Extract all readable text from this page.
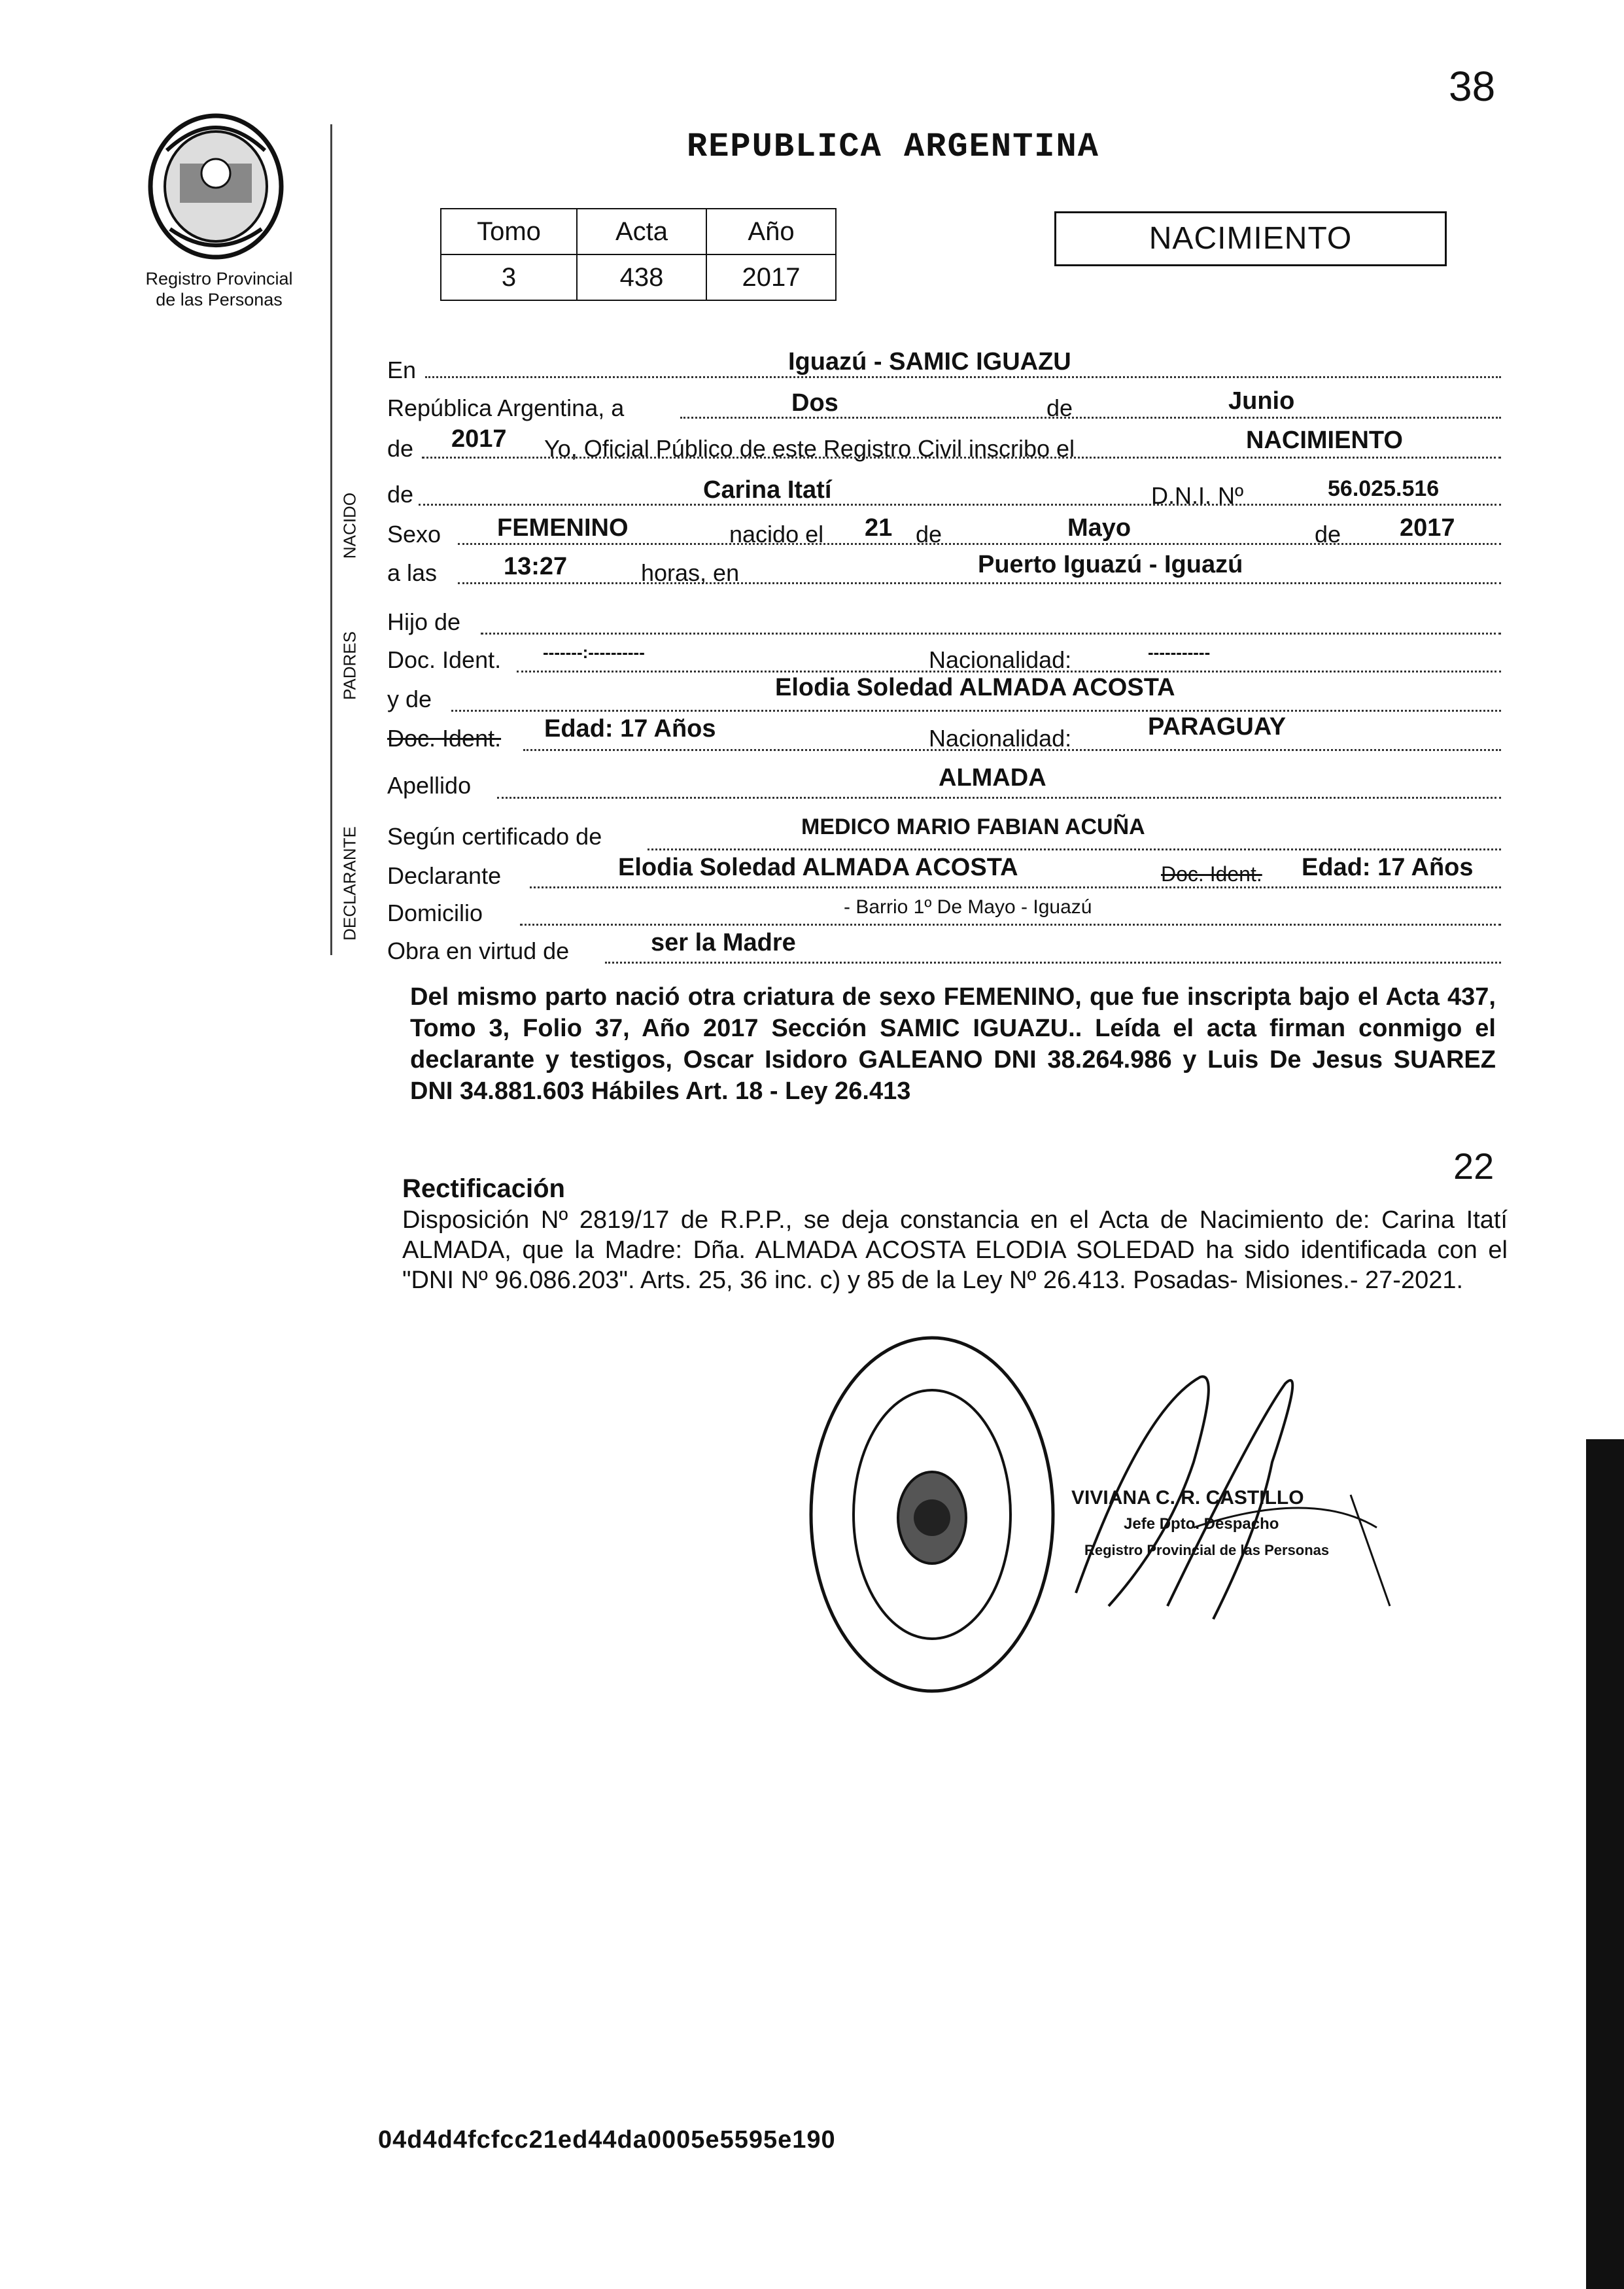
38
REPUBLICA ARGENTINA
Registro Provincial
de las Personas
Tomo	Acta	Año
3	438	2017
NACIMIENTO
NACIDO
PADRES
DECLARANTE
En	Iguazú - SAMIC IGUAZU
República Argentina, a	Dos	de	Junio
de 2017 Yo, Oficial Público de este Registro Civil inscribo el	NACIMIENTO
de	Carina Itatí	D.N.I. Nº	56.025.516
Sexo FEMENINO	nacido el 21 de	Mayo	de 2017
a las	13:27	horas, en	Puerto Iguazú - Iguazú
Hijo de
Doc. Ident. -------:----------	Nacionalidad:	-----------
y de	Elodia Soledad ALMADA ACOSTA
Doc. Ident. Edad: 17 Años	Nacionalidad:	PARAGUAY
Apellido	ALMADA
Según certificado de	MEDICO MARIO FABIAN ACUÑA
Declarante	Elodia Soledad ALMADA ACOSTA	Doc. Ident. Edad: 17 Años
Domicilio	- Barrio 1º De Mayo - Iguazú
Obra en virtud de	ser la Madre
Del mismo parto nació otra criatura de sexo FEMENINO, que fue inscripta bajo el Acta 437, Tomo 3, Folio 37, Año 2017 Sección SAMIC IGUAZU.. Leída el acta firman conmigo el declarante y testigos, Oscar Isidoro GALEANO DNI 38.264.986 y Luis De Jesus SUAREZ DNI 34.881.603 Hábiles Art. 18 - Ley 26.413
22
Rectificación
Disposición Nº 2819/17 de R.P.P., se deja constancia en el Acta de Nacimiento de: Carina Itatí ALMADA, que la Madre: Dña. ALMADA ACOSTA ELODIA SOLEDAD ha sido identificada con el "DNI Nº 96.086.203". Arts. 25, 36 inc. c) y 85 de la Ley Nº 26.413. Posadas- Misiones.- 27-2021.
VIVIANA C. R. CASTILLO
Jefe Dpto. Despacho
Registro Provincial de las Personas
04d4d4fcfcc21ed44da0005e5595e190
